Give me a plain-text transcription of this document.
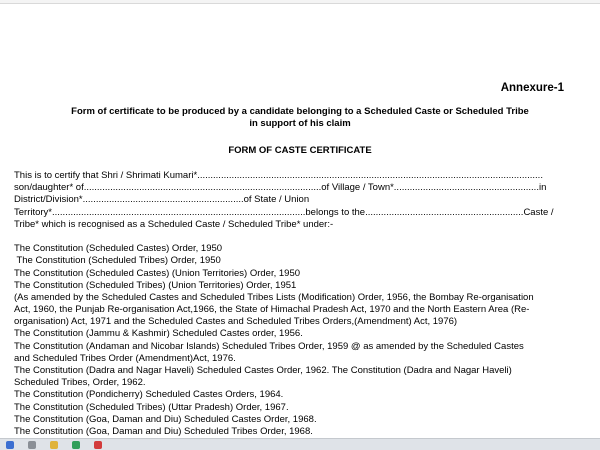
Annexure-1
Form of certificate to be produced by a candidate belonging to a Scheduled Caste or Scheduled Tribe
in support of his claim
FORM OF CASTE CERTIFICATE
This is to certify that Shri / Shrimati Kumari*...................................................................................................................................
son/daughter* of..........................................................................................of Village / Town*.......................................................in
District/Division*.............................................................of State / Union
Territory*................................................................................................belongs to the............................................................Caste /
Tribe* which is recognised as a Scheduled Caste / Scheduled Tribe* under:-
The Constitution (Scheduled Castes) Order, 1950
The Constitution (Scheduled Tribes) Order, 1950
The Constitution (Scheduled Castes) (Union Territories) Order, 1950
The Constitution (Scheduled Tribes) (Union Territories) Order, 1951
(As amended by the Scheduled Castes and Scheduled Tribes Lists (Modification) Order, 1956, the Bombay Re-organisation
Act, 1960, the Punjab Re-organisation Act,1966, the State of Himachal Pradesh Act, 1970 and the North Eastern Area (Re-
organisation) Act, 1971 and the Scheduled Castes and Scheduled Tribes Orders,(Amendment) Act, 1976)
The Constitution (Jammu & Kashmir) Scheduled Castes order, 1956.
The Constitution (Andaman and Nicobar Islands) Scheduled Tribes Order, 1959 @ as amended by the Scheduled Castes
and Scheduled Tribes Order (Amendment)Act, 1976.
The Constitution (Dadra and Nagar Haveli) Scheduled Castes Order, 1962. The Constitution (Dadra and Nagar Haveli)
Scheduled Tribes, Order, 1962.
The Constitution (Pondicherry) Scheduled Castes Orders, 1964.
The Constitution (Scheduled Tribes) (Uttar Pradesh) Order, 1967.
The Constitution (Goa, Daman and Diu) Scheduled Castes Order, 1968.
The Constitution (Goa, Daman and Diu) Scheduled Tribes Order, 1968.
